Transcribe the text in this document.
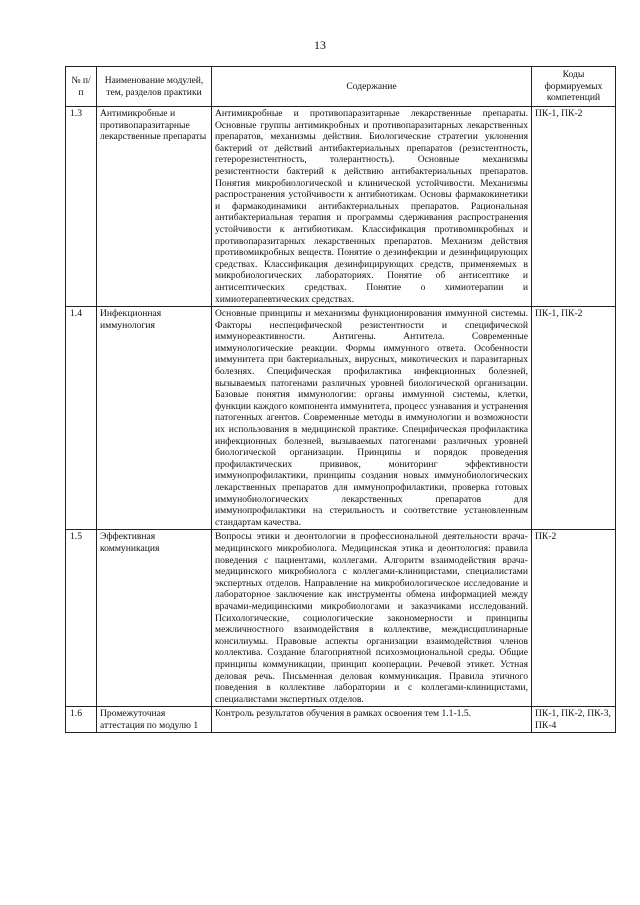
13
№ п/п	Наименование модулей, тем, разделов практики	Содержание	Коды формируемых компетенций
1.3	Антимикробные и противопаразитарные лекарственные препараты	Антимикробные и противопаразитарные лекарственные препараты. Основные группы антимикробных и противопаразитарных лекарственных препаратов, механизмы действия. Биологические стратегии уклонения бактерий от действий антибактериальных препаратов (резистентность, гетерорезистентность, толерантность). Основные механизмы резистентности бактерий к действию антибактериальных препаратов. Понятия микробиологической и клинической устойчивости. Механизмы распространения устойчивости к антибиотикам. Основы фармакокинетики и фармакодинамики антибактериальных препаратов. Рациональная антибактериальная терапия и программы сдерживания распространения устойчивости к антибиотикам. Классификация противомикробных и противопаразитарных лекарственных препаратов. Механизм действия противомикробных веществ. Понятие о дезинфекции и дезинфицирующих средствах. Классификация дезинфицирующих средств, применяемых в микробиологических лабораториях. Понятие об антисептике и антисептических средствах. Понятие о химиотерапии и химиотерапевтических средствах.	ПК-1, ПК-2
1.4	Инфекционная иммунология	Основные принципы и механизмы функционирования иммунной системы. Факторы неспецифической резистентности и специфической иммунореактивности. Антигены. Антитела. Современные иммунологические реакции. Формы иммунного ответа. Особенности иммунитета при бактериальных, вирусных, микотических и паразитарных болезнях. Специфическая профилактика инфекционных болезней, вызываемых патогенами различных уровней биологической организации. Базовые понятия иммунологии: органы иммунной системы, клетки, функции каждого компонента иммунитета, процесс узнавания и устранения патогенных агентов. Современные методы в иммунологии и возможности их использования в медицинской практике. Специфическая профилактика инфекционных болезней, вызываемых патогенами различных уровней биологической организации. Принципы и порядок проведения профилактических прививок, мониторинг эффективности иммунопрофилактики, принципы создания новых иммунобиологических лекарственных препаратов для иммунопрофилактики, проверка готовых иммунобиологических лекарственных препаратов для иммунопрофилактики на стерильность и соответствие установленным стандартам качества.	ПК-1, ПК-2
1.5	Эффективная коммуникация	Вопросы этики и деонтологии в профессиональной деятельности врача-медицинского микробиолога. Медицинская этика и деонтология: правила поведения с пациентами, коллегами. Алгоритм взаимодействия врача-медицинского микробиолога с коллегами-клиницистами, специалистами экспертных отделов. Направление на микробиологическое исследование и лабораторное заключение как инструменты обмена информацией между врачами-медицинскими микробиологами и заказчиками исследований. Психологические, социологические закономерности и принципы межличностного взаимодействия в коллективе, междисциплинарные консилиумы. Правовые аспекты организации взаимодействия членов коллектива. Создание благоприятной психоэмоциональной среды. Общие принципы коммуникации, принцип кооперации. Речевой этикет. Устная деловая речь. Письменная деловая коммуникация. Правила этичного поведения в коллективе лаборатории и с коллегами-клиницистами, специалистами экспертных отделов.	ПК-2
1.6	Промежуточная аттестация по модулю 1	Контроль результатов обучения в рамках освоения тем 1.1-1.5.	ПК-1, ПК-2, ПК-3, ПК-4
